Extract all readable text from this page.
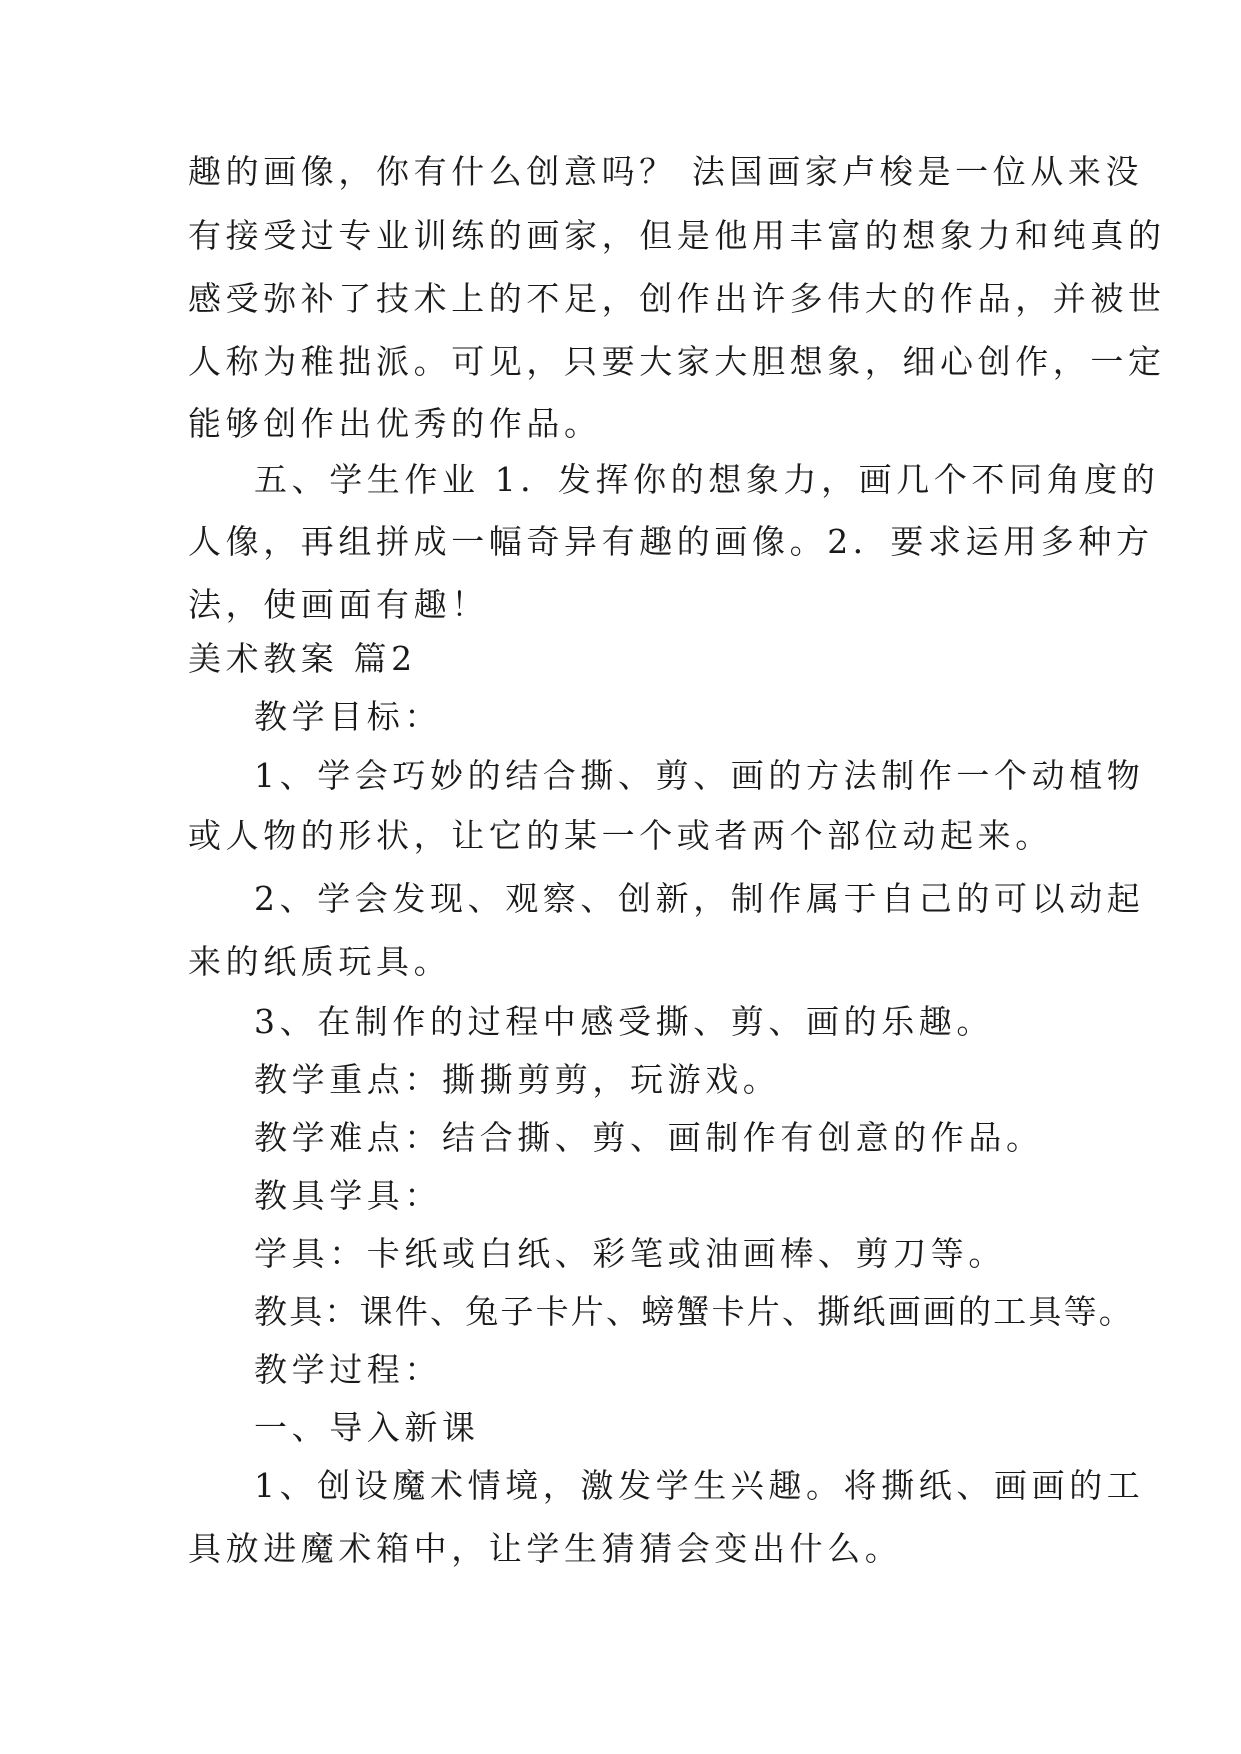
趣的画像，你有什么创意吗？ 法国画家卢梭是一位从来没
有接受过专业训练的画家，但是他用丰富的想象力和纯真的
感受弥补了技术上的不足，创作出许多伟大的作品，并被世
人称为稚拙派。可见，只要大家大胆想象，细心创作，一定
能够创作出优秀的作品。
五、学生作业 1．发挥你的想象力，画几个不同角度的
人像，再组拼成一幅奇异有趣的画像。2．要求运用多种方
法，使画面有趣！
美术教案 篇2
教学目标：
1、学会巧妙的结合撕、剪、画的方法制作一个动植物
或人物的形状，让它的某一个或者两个部位动起来。
2、学会发现、观察、创新，制作属于自己的可以动起
来的纸质玩具。
3、在制作的过程中感受撕、剪、画的乐趣。
教学重点：撕撕剪剪，玩游戏。
教学难点：结合撕、剪、画制作有创意的作品。
教具学具：
学具：卡纸或白纸、彩笔或油画棒、剪刀等。
教具：课件、兔子卡片、螃蟹卡片、撕纸画画的工具等。
教学过程：
一、导入新课
1、创设魔术情境，激发学生兴趣。将撕纸、画画的工
具放进魔术箱中，让学生猜猜会变出什么。
